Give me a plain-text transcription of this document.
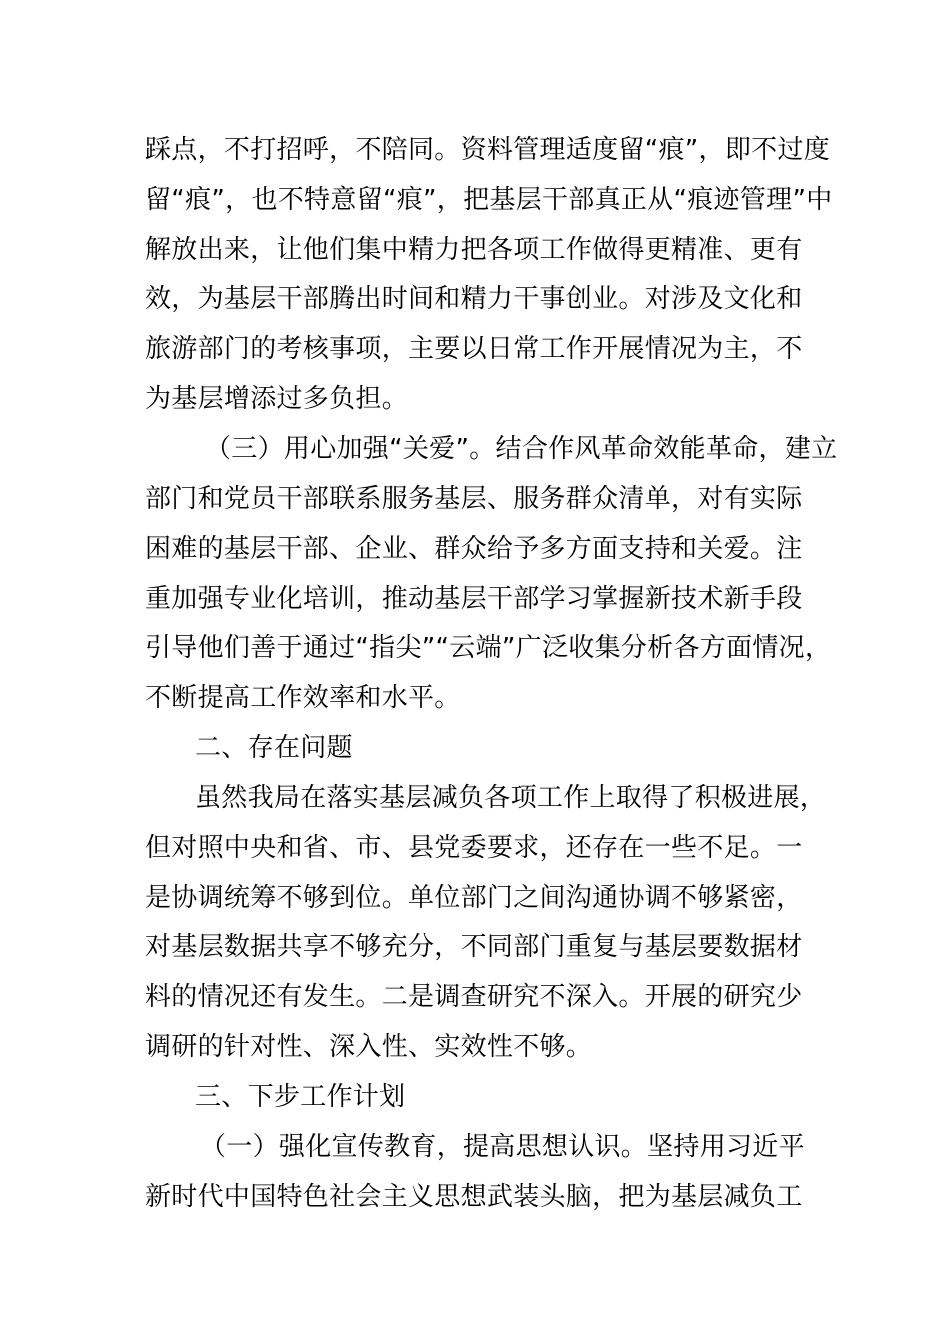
踩点，不打招呼，不陪同。资料管理适度留“痕”，即不过度
留“痕”，也不特意留“痕”，把基层干部真正从“痕迹管理”中
解放出来，让他们集中精力把各项工作做得更精准、更有
效，为基层干部腾出时间和精力干事创业。对涉及文化和
旅游部门的考核事项，主要以日常工作开展情况为主，不
为基层增添过多负担。
（三）用心加强“关爱”。结合作风革命效能革命，建立
部门和党员干部联系服务基层、服务群众清单，对有实际
困难的基层干部、企业、群众给予多方面支持和关爱。注
重加强专业化培训，推动基层干部学习掌握新技术新手段
引导他们善于通过“指尖”“云端”广泛收集分析各方面情况，
不断提高工作效率和水平。
二、存在问题
虽然我局在落实基层减负各项工作上取得了积极进展，
但对照中央和省、市、县党委要求，还存在一些不足。一
是协调统筹不够到位。单位部门之间沟通协调不够紧密，
对基层数据共享不够充分，不同部门重复与基层要数据材
料的情况还有发生。二是调查研究不深入。开展的研究少
调研的针对性、深入性、实效性不够。
三、下步工作计划
（一）强化宣传教育，提高思想认识。坚持用习近平
新时代中国特色社会主义思想武装头脑，把为基层减负工
